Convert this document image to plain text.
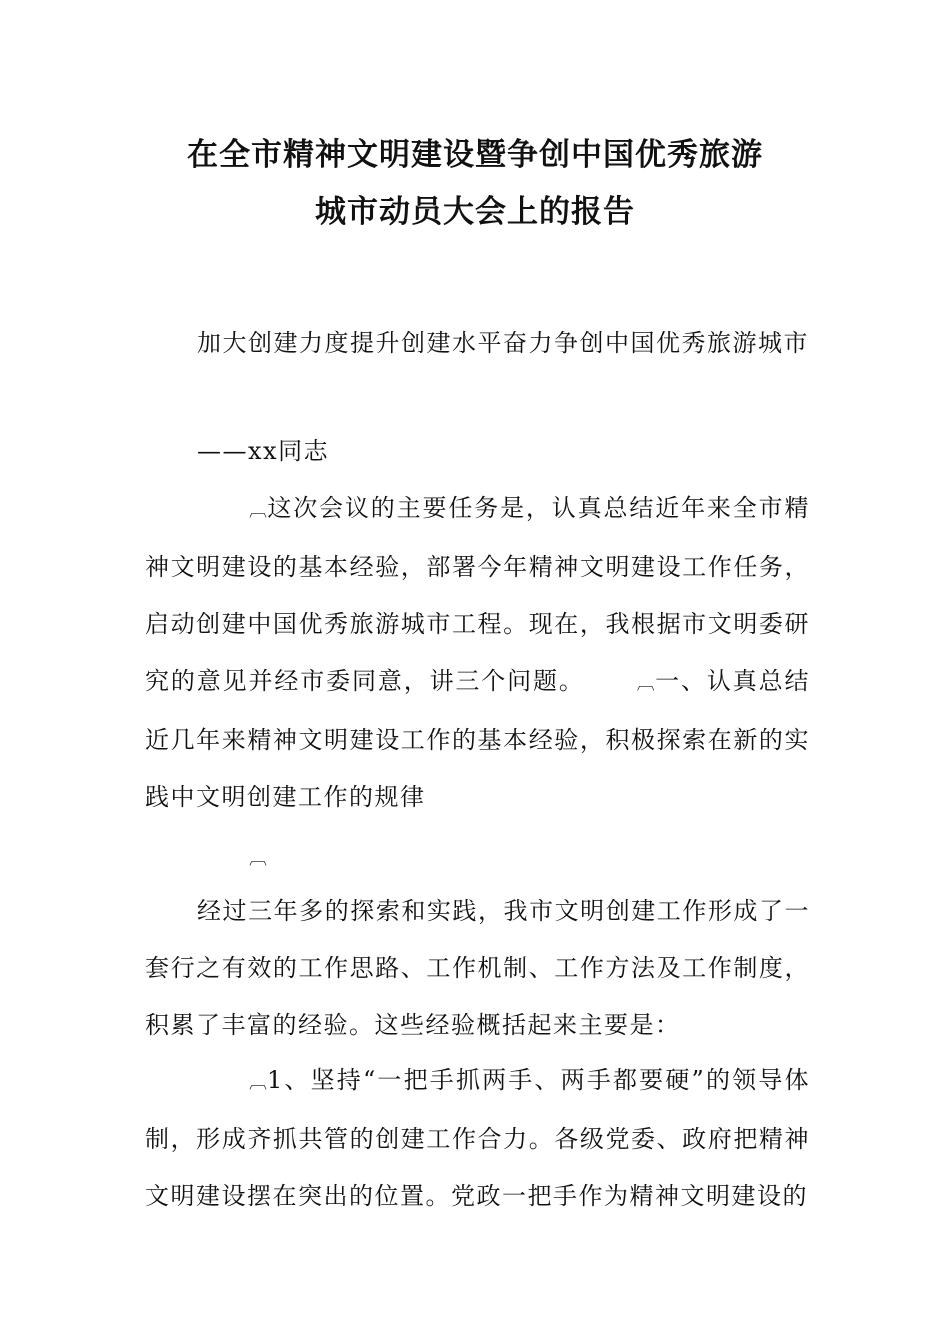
在全市精神文明建设暨争创中国优秀旅游
城市动员大会上的报告

加大创建力度提升创建水平奋力争创中国优秀旅游城市

——xx同志

︹这次会议的主要任务是，认真总结近年来全市精神文明建设的基本经验，部署今年精神文明建设工作任务，启动创建中国优秀旅游城市工程。现在，我根据市文明委研究的意见并经市委同意，讲三个问题。	︹一、认真总结近几年来精神文明建设工作的基本经验，积极探索在新的实践中文明创建工作的规律

︹

经过三年多的探索和实践，我市文明创建工作形成了一套行之有效的工作思路、工作机制、工作方法及工作制度，积累了丰富的经验。这些经验概括起来主要是：

︹1、坚持“一把手抓两手、两手都要硬”的领导体制，形成齐抓共管的创建工作合力。各级党委、政府把精神文明建设摆在突出的位置。党政一把手作为精神文明建设的
